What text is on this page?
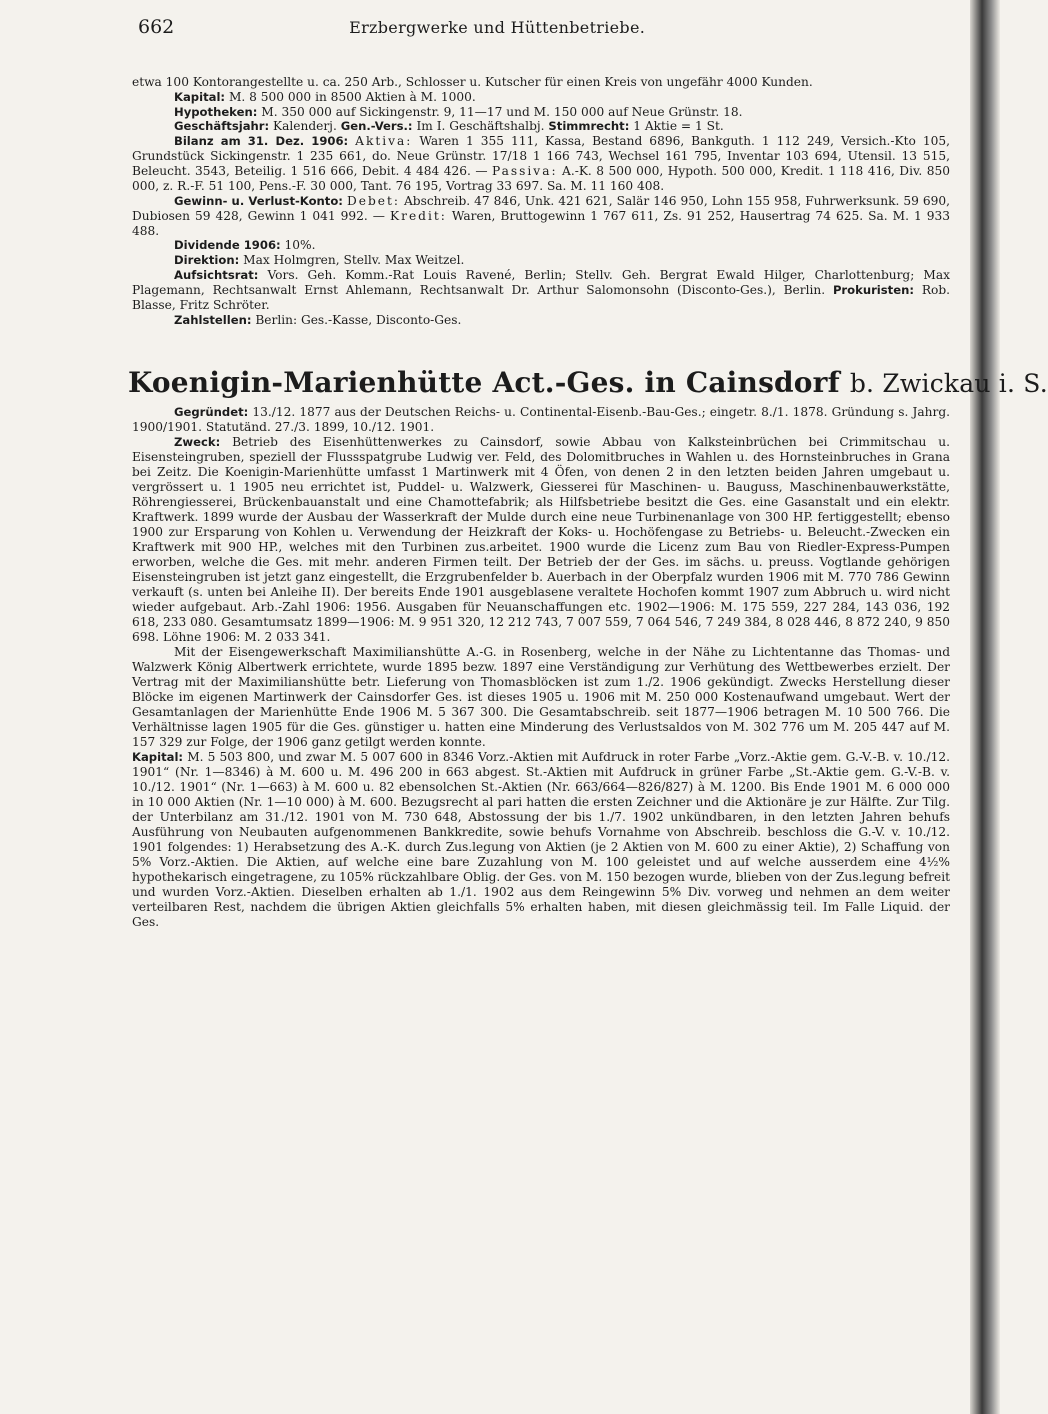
662	Erzbergwerke und Hüttenbetriebe.

etwa 100 Kontorangestellte u. ca. 250 Arb., Schlosser u. Kutscher für einen Kreis von ungefähr 4000 Kunden.

Kapital: M. 8 500 000 in 8500 Aktien à M. 1000.

Hypotheken: M. 350 000 auf Sickingenstr. 9, 11—17 und M. 150 000 auf Neue Grünstr. 18.

Geschäftsjahr: Kalenderj. Gen.-Vers.: Im I. Geschäftshalbj. Stimmrecht: 1 Aktie = 1 St.

Bilanz am 31. Dez. 1906: Aktiva: Waren 1 355 111, Kassa, Bestand 6896, Bankguth. 1 112 249, Versich.-Kto 105, Grundstück Sickingenstr. 1 235 661, do. Neue Grünstr. 17/18 1 166 743, Wechsel 161 795, Inventar 103 694, Utensil. 13 515, Beleucht. 3543, Beteilig. 1 516 666, Debit. 4 484 426. — Passiva: A.-K. 8 500 000, Hypoth. 500 000, Kredit. 1 118 416, Div. 850 000, z. R.-F. 51 100, Pens.-F. 30 000, Tant. 76 195, Vortrag 33 697. Sa. M. 11 160 408.

Gewinn- u. Verlust-Konto: Debet: Abschreib. 47 846, Unk. 421 621, Salär 146 950, Lohn 155 958, Fuhrwerksunk. 59 690, Dubiosen 59 428, Gewinn 1 041 992. — Kredit: Waren, Bruttogewinn 1 767 611, Zs. 91 252, Hausertrag 74 625. Sa. M. 1 933 488.

Dividende 1906: 10%.

Direktion: Max Holmgren, Stellv. Max Weitzel.

Aufsichtsrat: Vors. Geh. Komm.-Rat Louis Ravené, Berlin; Stellv. Geh. Bergrat Ewald Hilger, Charlottenburg; Max Plagemann, Rechtsanwalt Ernst Ahlemann, Rechtsanwalt Dr. Arthur Salomonsohn (Disconto-Ges.), Berlin. Prokuristen: Rob. Blasse, Fritz Schröter.

Zahlstellen: Berlin: Ges.-Kasse, Disconto-Ges.

Koenigin-Marienhütte Act.-Ges. in Cainsdorf b. Zwickau i. S.

Gegründet: 13./12. 1877 aus der Deutschen Reichs- u. Continental-Eisenb.-Bau-Ges.; eingetr. 8./1. 1878. Gründung s. Jahrg. 1900/1901. Statutänd. 27./3. 1899, 10./12. 1901.

Zweck: Betrieb des Eisenhüttenwerkes zu Cainsdorf, sowie Abbau von Kalksteinbrüchen bei Crimmitschau u. Eisensteingruben, speziell der Flussspatgrube Ludwig ver. Feld, des Dolomitbruches in Wahlen u. des Hornsteinbruches in Grana bei Zeitz. Die Koenigin-Marienhütte umfasst 1 Martinwerk mit 4 Öfen, von denen 2 in den letzten beiden Jahren umgebaut u. vergrössert u. 1 1905 neu errichtet ist, Puddel- u. Walzwerk, Giesserei für Maschinen- u. Bauguss, Maschinenbauwerkstätte, Röhrengiesserei, Brückenbauanstalt und eine Chamottefabrik; als Hilfsbetriebe besitzt die Ges. eine Gasanstalt und ein elektr. Kraftwerk. 1899 wurde der Ausbau der Wasserkraft der Mulde durch eine neue Turbinenanlage von 300 HP. fertiggestellt; ebenso 1900 zur Ersparung von Kohlen u. Verwendung der Heizkraft der Koks- u. Hochöfengase zu Betriebs- u. Beleucht.-Zwecken ein Kraftwerk mit 900 HP., welches mit den Turbinen zus.arbeitet. 1900 wurde die Licenz zum Bau von Riedler-Express-Pumpen erworben, welche die Ges. mit mehr. anderen Firmen teilt. Der Betrieb der der Ges. im sächs. u. preuss. Vogtlande gehörigen Eisensteingruben ist jetzt ganz eingestellt, die Erzgrubenfelder b. Auerbach in der Oberpfalz wurden 1906 mit M. 770 786 Gewinn verkauft (s. unten bei Anleihe II). Der bereits Ende 1901 ausgeblasene veraltete Hochofen kommt 1907 zum Abbruch u. wird nicht wieder aufgebaut. Arb.-Zahl 1906: 1956. Ausgaben für Neuanschaffungen etc. 1902—1906: M. 175 559, 227 284, 143 036, 192 618, 233 080. Gesamtumsatz 1899—1906: M. 9 951 320, 12 212 743, 7 007 559, 7 064 546, 7 249 384, 8 028 446, 8 872 240, 9 850 698. Löhne 1906: M. 2 033 341.

Mit der Eisengewerkschaft Maximilianshütte A.-G. in Rosenberg, welche in der Nähe zu Lichtentanne das Thomas- und Walzwerk König Albertwerk errichtete, wurde 1895 bezw. 1897 eine Verständigung zur Verhütung des Wettbewerbes erzielt. Der Vertrag mit der Maximilianshütte betr. Lieferung von Thomasblöcken ist zum 1./2. 1906 gekündigt. Zwecks Herstellung dieser Blöcke im eigenen Martinwerk der Cainsdorfer Ges. ist dieses 1905 u. 1906 mit M. 250 000 Kostenaufwand umgebaut. Wert der Gesamtanlagen der Marienhütte Ende 1906 M. 5 367 300. Die Gesamtabschreib. seit 1877—1906 betragen M. 10 500 766. Die Verhältnisse lagen 1905 für die Ges. günstiger u. hatten eine Minderung des Verlustsaldos von M. 302 776 um M. 205 447 auf M. 157 329 zur Folge, der 1906 ganz getilgt werden konnte.

Kapital: M. 5 503 800, und zwar M. 5 007 600 in 8346 Vorz.-Aktien mit Aufdruck in roter Farbe „Vorz.-Aktie gem. G.-V.-B. v. 10./12. 1901“ (Nr. 1—8346) à M. 600 u. M. 496 200 in 663 abgest. St.-Aktien mit Aufdruck in grüner Farbe „St.-Aktie gem. G.-V.-B. v. 10./12. 1901“ (Nr. 1—663) à M. 600 u. 82 ebensolchen St.-Aktien (Nr. 663/664—826/827) à M. 1200. Bis Ende 1901 M. 6 000 000 in 10 000 Aktien (Nr. 1—10 000) à M. 600. Bezugsrecht al pari hatten die ersten Zeichner und die Aktionäre je zur Hälfte. Zur Tilg. der Unterbilanz am 31./12. 1901 von M. 730 648, Abstossung der bis 1./7. 1902 unkündbaren, in den letzten Jahren behufs Ausführung von Neubauten aufgenommenen Bankkredite, sowie behufs Vornahme von Abschreib. beschloss die G.-V. v. 10./12. 1901 folgendes: 1) Herabsetzung des A.-K. durch Zus.legung von Aktien (je 2 Aktien von M. 600 zu einer Aktie), 2) Schaffung von 5% Vorz.-Aktien. Die Aktien, auf welche eine bare Zuzahlung von M. 100 geleistet und auf welche ausserdem eine 4½% hypothekarisch eingetragene, zu 105% rückzahlbare Oblig. der Ges. von M. 150 bezogen wurde, blieben von der Zus.legung befreit und wurden Vorz.-Aktien. Dieselben erhalten ab 1./1. 1902 aus dem Reingewinn 5% Div. vorweg und nehmen an dem weiter verteilbaren Rest, nachdem die übrigen Aktien gleichfalls 5% erhalten haben, mit diesen gleichmässig teil. Im Falle Liquid. der Ges.
